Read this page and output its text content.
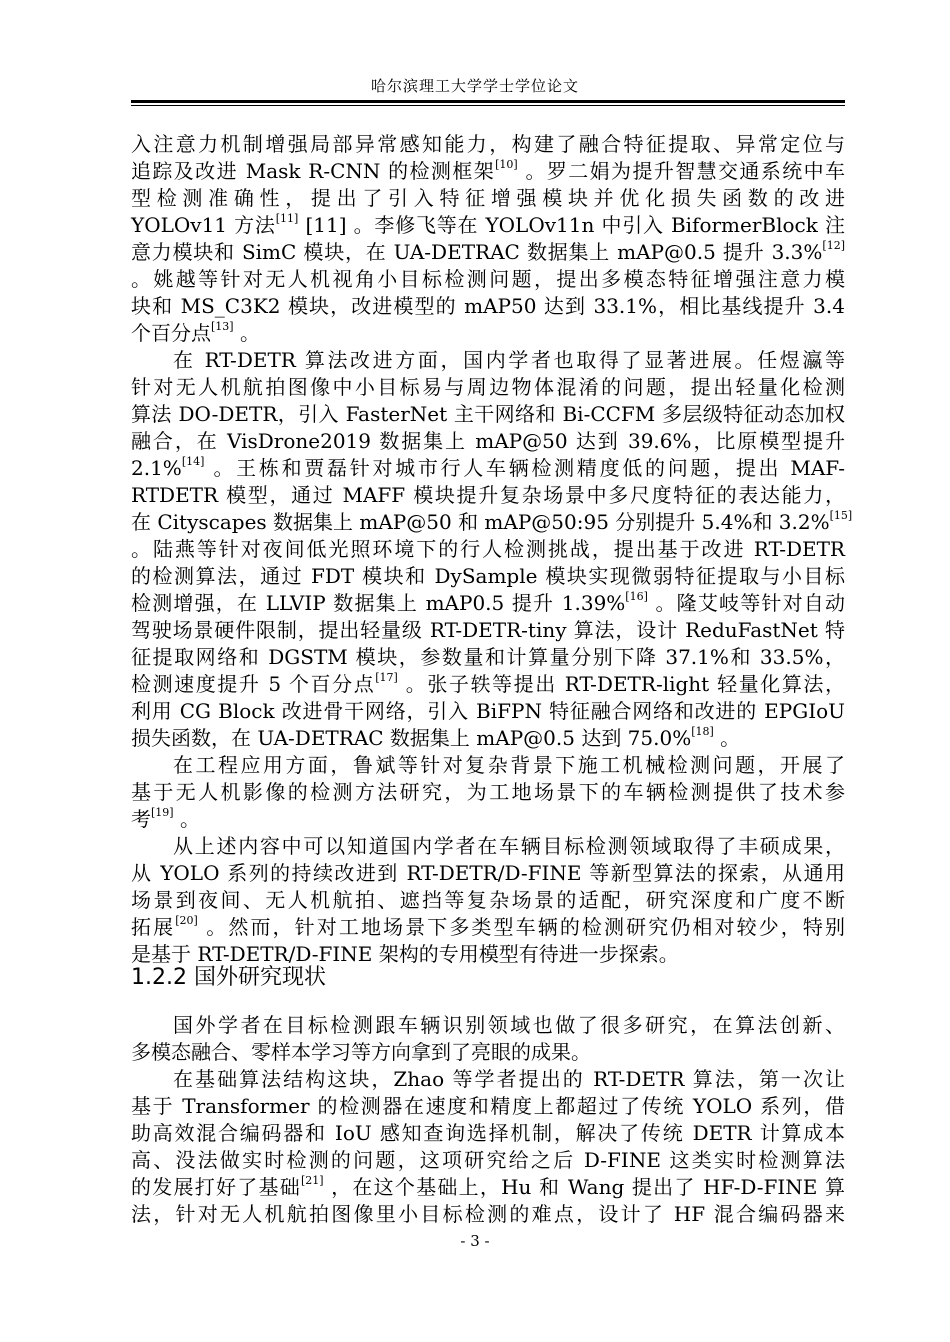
哈尔滨理工大学学士学位论文
入注意力机制增强局部异常感知能力，构建了融合特征提取、异常定位与
追踪及改进 Mask R-CNN 的检测框架[10] 。罗二娟为提升智慧交通系统中车
型检测准确性，提出了引入特征增强模块并优化损失函数的改进
YOLOv11 方法[11] [11] 。李修飞等在 YOLOv11n 中引入 BiformerBlock 注
意力模块和 SimC 模块，在 UA-DETRAC 数据集上 mAP@0.5 提升 3.3%[12]
。姚越等针对无人机视角小目标检测问题，提出多模态特征增强注意力模
块和 MS_C3K2 模块，改进模型的 mAP50 达到 33.1%，相比基线提升 3.4
个百分点[13] 。
在 RT-DETR 算法改进方面，国内学者也取得了显著进展。任煜瀛等
针对无人机航拍图像中小目标易与周边物体混淆的问题，提出轻量化检测
算法 DO-DETR，引入 FasterNet 主干网络和 Bi-CCFM 多层级特征动态加权
融合，在 VisDrone2019 数据集上 mAP@50 达到 39.6%，比原模型提升
2.1%[14] 。王栋和贾磊针对城市行人车辆检测精度低的问题，提出 MAF-
RTDETR 模型，通过 MAFF 模块提升复杂场景中多尺度特征的表达能力，
在 Cityscapes 数据集上 mAP@50 和 mAP@50:95 分别提升 5.4%和 3.2%[15]
。陆燕等针对夜间低光照环境下的行人检测挑战，提出基于改进 RT-DETR
的检测算法，通过 FDT 模块和 DySample 模块实现微弱特征提取与小目标
检测增强，在 LLVIP 数据集上 mAP0.5 提升 1.39%[16] 。隆艾岐等针对自动
驾驶场景硬件限制，提出轻量级 RT-DETR-tiny 算法，设计 ReduFastNet 特
征提取网络和 DGSTM 模块，参数量和计算量分别下降 37.1%和 33.5%，
检测速度提升 5 个百分点[17] 。张子轶等提出 RT-DETR-light 轻量化算法，
利用 CG Block 改进骨干网络，引入 BiFPN 特征融合网络和改进的 EPGIoU
损失函数，在 UA-DETRAC 数据集上 mAP@0.5 达到 75.0%[18] 。
在工程应用方面，鲁斌等针对复杂背景下施工机械检测问题，开展了
基于无人机影像的检测方法研究，为工地场景下的车辆检测提供了技术参
考[19] 。
从上述内容中可以知道国内学者在车辆目标检测领域取得了丰硕成果，
从 YOLO 系列的持续改进到 RT-DETR/D-FINE 等新型算法的探索，从通用
场景到夜间、无人机航拍、遮挡等复杂场景的适配，研究深度和广度不断
拓展[20] 。然而，针对工地场景下多类型车辆的检测研究仍相对较少，特别
是基于 RT-DETR/D-FINE 架构的专用模型有待进一步探索。
1.2.2 国外研究现状
国外学者在目标检测跟车辆识别领域也做了很多研究，在算法创新、
多模态融合、零样本学习等方向拿到了亮眼的成果。
在基础算法结构这块，Zhao 等学者提出的 RT-DETR 算法，第一次让
基于 Transformer 的检测器在速度和精度上都超过了传统 YOLO 系列，借
助高效混合编码器和 IoU 感知查询选择机制，解决了传统 DETR 计算成本
高、没法做实时检测的问题，这项研究给之后 D-FINE 这类实时检测算法
的发展打好了基础[21] ，在这个基础上，Hu 和 Wang 提出了 HF-D-FINE 算
法，针对无人机航拍图像里小目标检测的难点，设计了 HF 混合编码器来
- 3 -
